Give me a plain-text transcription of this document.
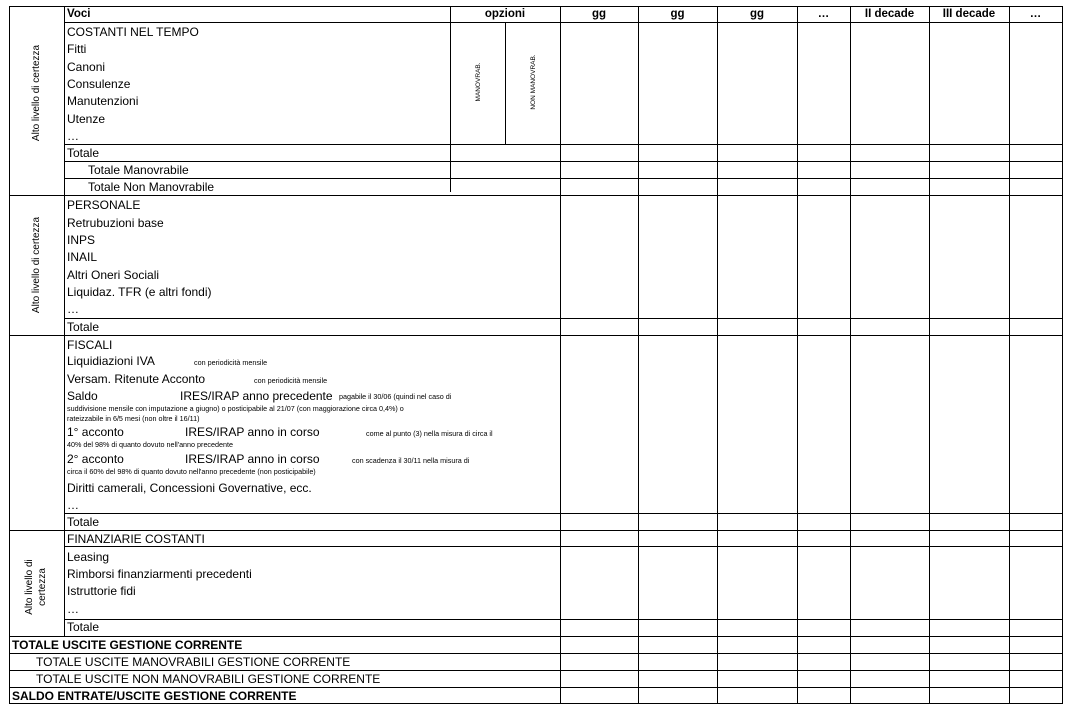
Voci	opzioni	gg	gg	gg	…	II decade	III decade	…
Alto livello di certezza
Alto livello di certezza
Alto livello di certezza
MANOVRAB.	NON MANOVRAB.
COSTANTI NEL TEMPO
Fitti
Canoni
Consulenze
Manutenzioni
Utenze
…
Totale
Totale Manovrabile
Totale Non Manovrabile
PERSONALE
Retrubuzioni base
INPS
INAIL
Altri Oneri Sociali
Liquidaz. TFR (e altri fondi)
…
Totale
FISCALI
Liquidiazioni IVA	con periodicità mensile
Versam. Ritenute Acconto	con periodicità mensile
Saldo	IRES/IRAP anno precedente pagabile il 30/06 (quindi nel caso di
suddivisione mensile con imputazione a giugno) o posticipabile al 21/07 (con maggiorazione circa 0,4%) o
rateizzabile in 6/5 mesi (non oltre il 16/11)
1° acconto	IRES/IRAP anno in corso	come al punto (3) nella misura di circa il
40% del 98% di quanto dovuto nell'anno precedente
2° acconto	IRES/IRAP anno in corso	con scadenza il 30/11 nella misura di
circa il 60% del 98% di quanto dovuto nell'anno precedente (non posticipabile)
Diritti camerali, Concessioni Governative, ecc.
…
Totale
FINANZIARIE COSTANTI
Leasing
Rimborsi finanziarmenti precedenti
Istruttorie fidi
…
Totale
TOTALE USCITE GESTIONE CORRENTE
TOTALE USCITE MANOVRABILI GESTIONE CORRENTE
TOTALE USCITE NON MANOVRABILI GESTIONE CORRENTE
SALDO ENTRATE/USCITE GESTIONE CORRENTE
